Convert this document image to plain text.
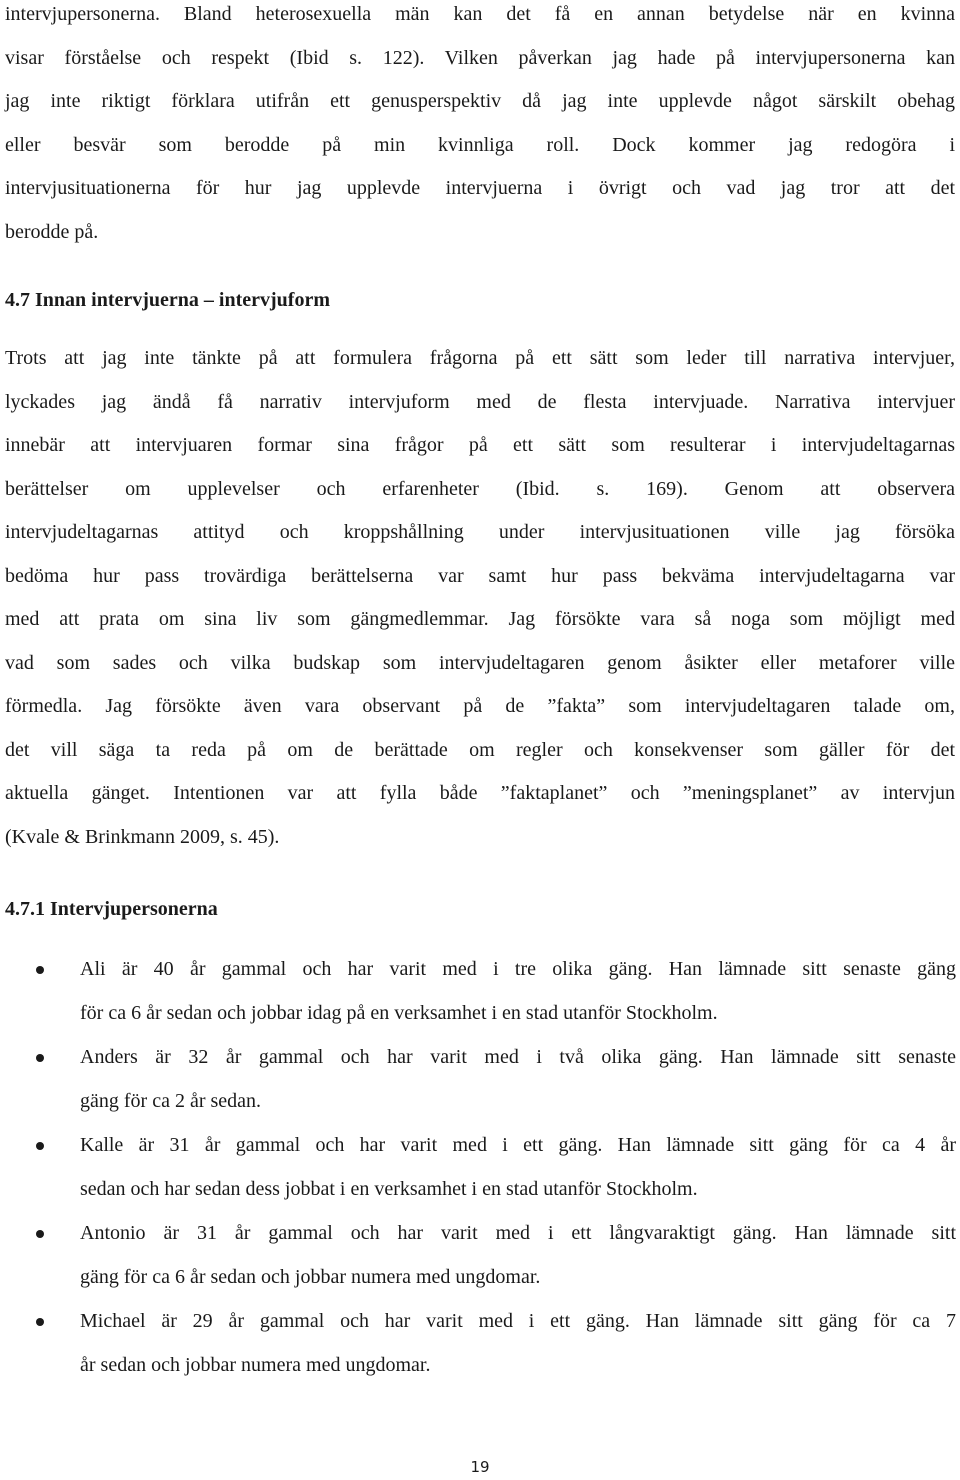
intervjupersonerna. Bland heterosexuella män kan det få en annan betydelse när en kvinna
visar förståelse och respekt (Ibid s. 122). Vilken påverkan jag hade på intervjupersonerna kan
jag inte riktigt förklara utifrån ett genusperspektiv då jag inte upplevde något särskilt obehag
eller besvär som berodde på min kvinnliga roll. Dock kommer jag redogöra i
intervjusituationerna för hur jag upplevde intervjuerna i övrigt och vad jag tror att det
berodde på.

4.7 Innan intervjuerna – intervjuform

Trots att jag inte tänkte på att formulera frågorna på ett sätt som leder till narrativa intervjuer,
lyckades jag ändå få narrativ intervjuform med de flesta intervjuade. Narrativa intervjuer
innebär att intervjuaren formar sina frågor på ett sätt som resulterar i intervjudeltagarnas
berättelser om upplevelser och erfarenheter (Ibid. s. 169). Genom att observera
intervjudeltagarnas attityd och kroppshållning under intervjusituationen ville jag försöka
bedöma hur pass trovärdiga berättelserna var samt hur pass bekväma intervjudeltagarna var
med att prata om sina liv som gängmedlemmar. Jag försökte vara så noga som möjligt med
vad som sades och vilka budskap som intervjudeltagaren genom åsikter eller metaforer ville
förmedla. Jag försökte även vara observant på de ”fakta” som intervjudeltagaren talade om,
det vill säga ta reda på om de berättade om regler och konsekvenser som gäller för det
aktuella gänget. Intentionen var att fylla både ”faktaplanet” och ”meningsplanet” av intervjun
(Kvale & Brinkmann 2009, s. 45).

4.7.1 Intervjupersonerna
Ali är 40 år gammal och har varit med i tre olika gäng. Han lämnade sitt senaste gäng
för ca 6 år sedan och jobbar idag på en verksamhet i en stad utanför Stockholm.
Anders är 32 år gammal och har varit med i två olika gäng. Han lämnade sitt senaste
gäng för ca 2 år sedan.
Kalle är 31 år gammal och har varit med i ett gäng. Han lämnade sitt gäng för ca 4 år
sedan och har sedan dess jobbat i en verksamhet i en stad utanför Stockholm.
Antonio är 31 år gammal och har varit med i ett långvaraktigt gäng. Han lämnade sitt
gäng för ca 6 år sedan och jobbar numera med ungdomar.
Michael är 29 år gammal och har varit med i ett gäng. Han lämnade sitt gäng för ca 7
år sedan och jobbar numera med ungdomar.
19
